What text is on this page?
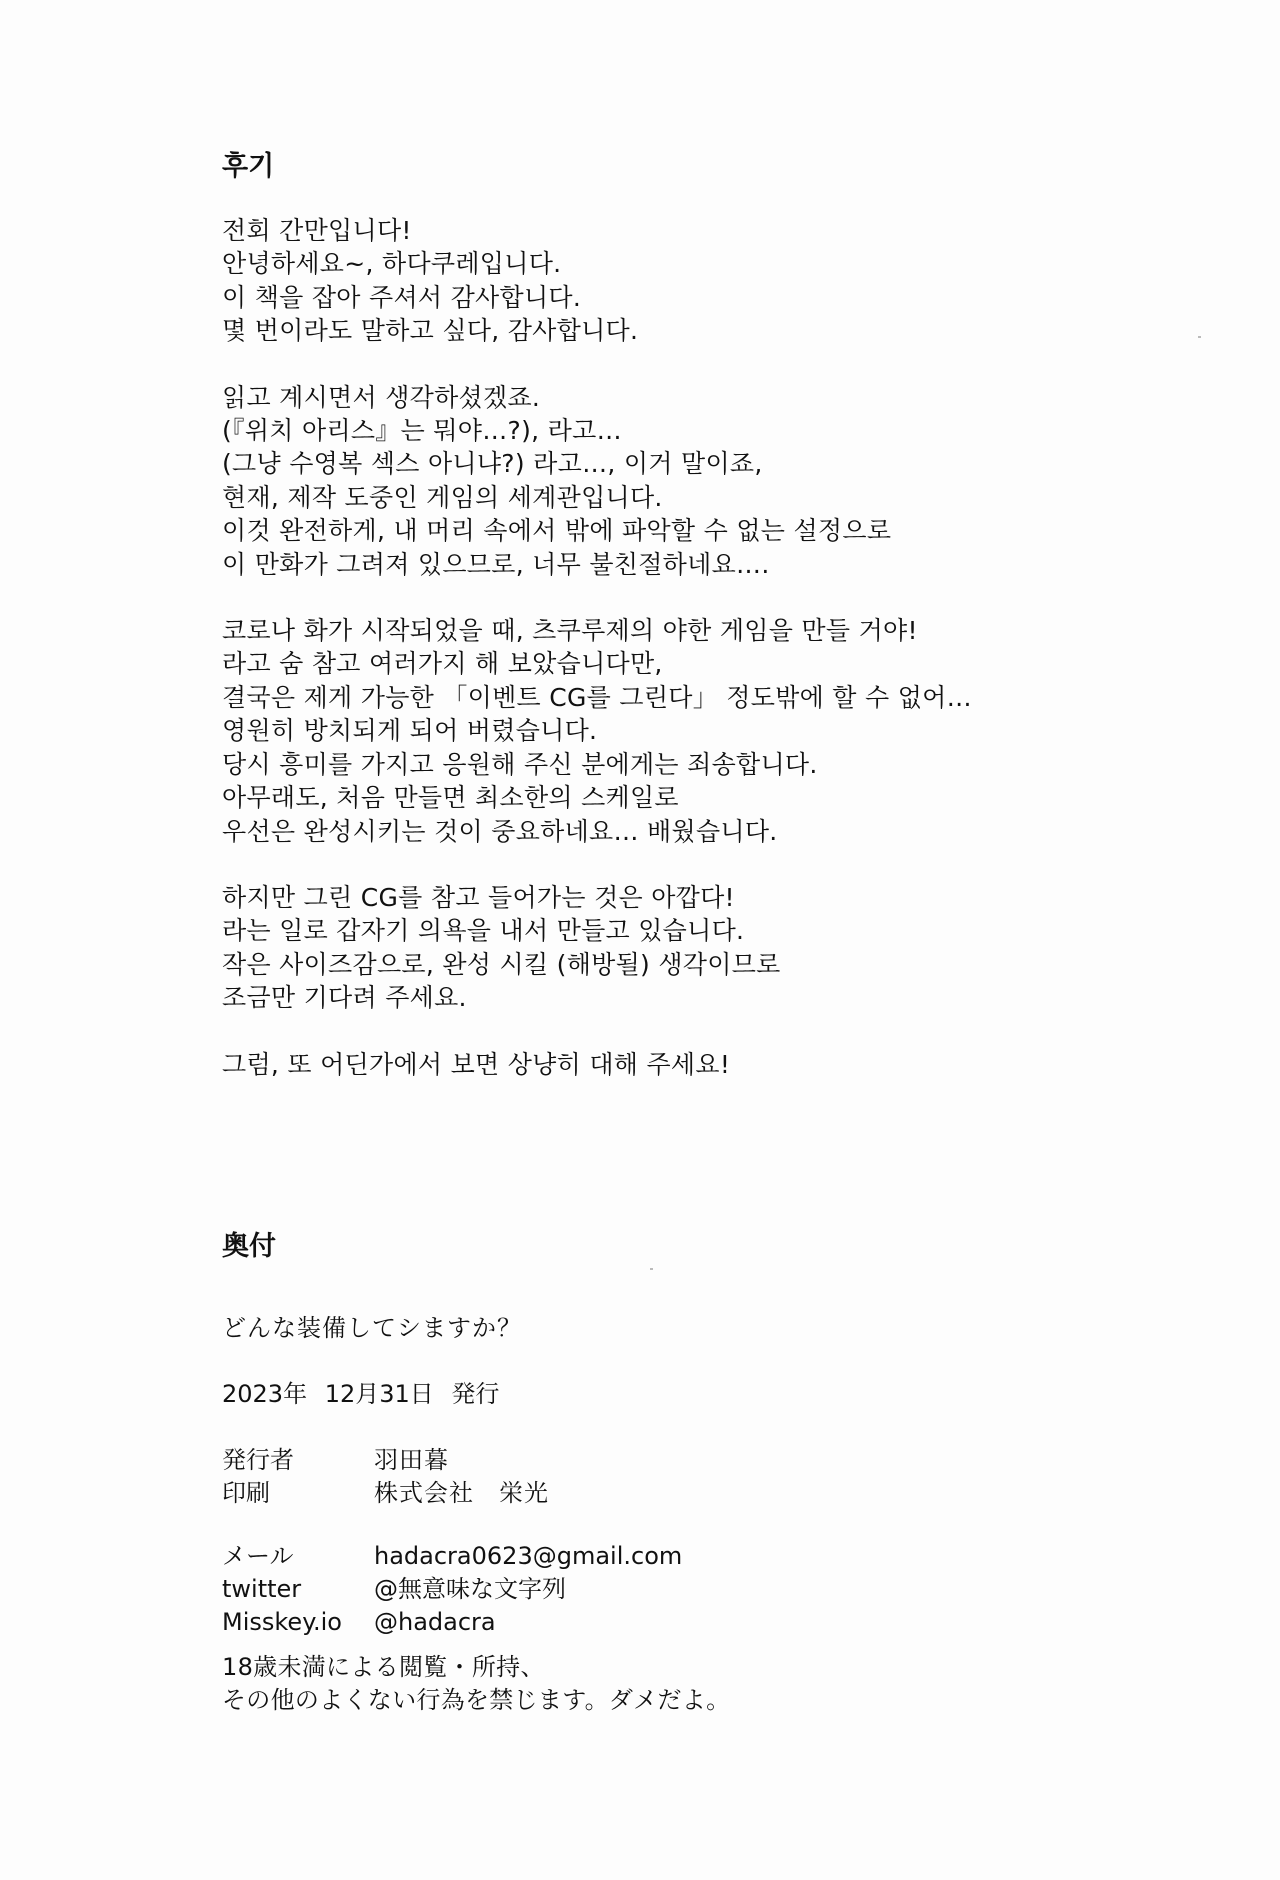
후기
전회 간만입니다!
안녕하세요~, 하다쿠레입니다.
이 책을 잡아 주셔서 감사합니다.
몇 번이라도 말하고 싶다, 감사합니다.
읽고 계시면서 생각하셨겠죠.
(『위치 아리스』는 뭐야…?), 라고…
(그냥 수영복 섹스 아니냐?) 라고…, 이거 말이죠,
현재, 제작 도중인 게임의 세계관입니다.
이것 완전하게, 내 머리 속에서 밖에 파악할 수 없는 설정으로
이 만화가 그려져 있으므로, 너무 불친절하네요….
코로나 화가 시작되었을 때, 츠쿠루제의 야한 게임을 만들 거야!
라고 숨 참고 여러가지 해 보았습니다만,
결국은 제게 가능한 「이벤트 CG를 그린다」 정도밖에 할 수 없어…
영원히 방치되게 되어 버렸습니다.
당시 흥미를 가지고 응원해 주신 분에게는 죄송합니다.
아무래도, 처음 만들면 최소한의 스케일로
우선은 완성시키는 것이 중요하네요… 배웠습니다.
하지만 그린 CG를 참고 들어가는 것은 아깝다!
라는 일로 갑자기 의욕을 내서 만들고 있습니다.
작은 사이즈감으로, 완성 시킬 (해방될) 생각이므로
조금만 기다려 주세요.
그럼, 또 어딘가에서 보면 상냥히 대해 주세요!
奥付
どんな装備してシますか？
2023年 12月31日 発行
発行者	羽田暮
印刷	株式会社　栄光
メール	hadacra0623@gmail.com
twitter	@無意味な文字列
Misskey.io	@hadacra
18歳未満による閲覧・所持、
その他のよくない行為を禁じます。ダメだよ。
